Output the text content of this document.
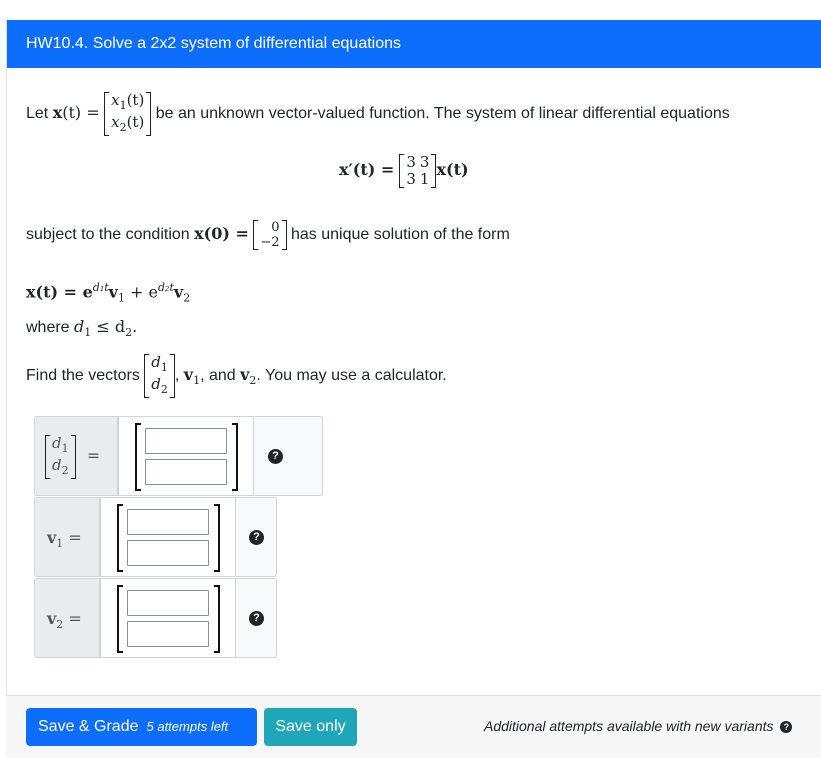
HW10.4. Solve a 2x2 system of differential equations
Let x(t) =
$x_1(t)$
$x_2(t)$ be an unknown vector-valued function. The system of linear differential equations
x′(t) = 3	3
3	1 x(t)
subject to the condition x(0) = 0
−2 has unique solution of the form
$x(t) = e^{d_1t}v_1 + e^{d_2t}v_2$
where $d_1 \le d_2$.
Find the vectors
$d_1$
$d_2$
, $v_1$, and $v_2$. You may use a calculator.
$d_1$
$d_2$
=	?
$v_1$ =	?
$v_2$ =	?
Save & Grade 5 attempts left	Save only	Additional attempts available with new variants ?
